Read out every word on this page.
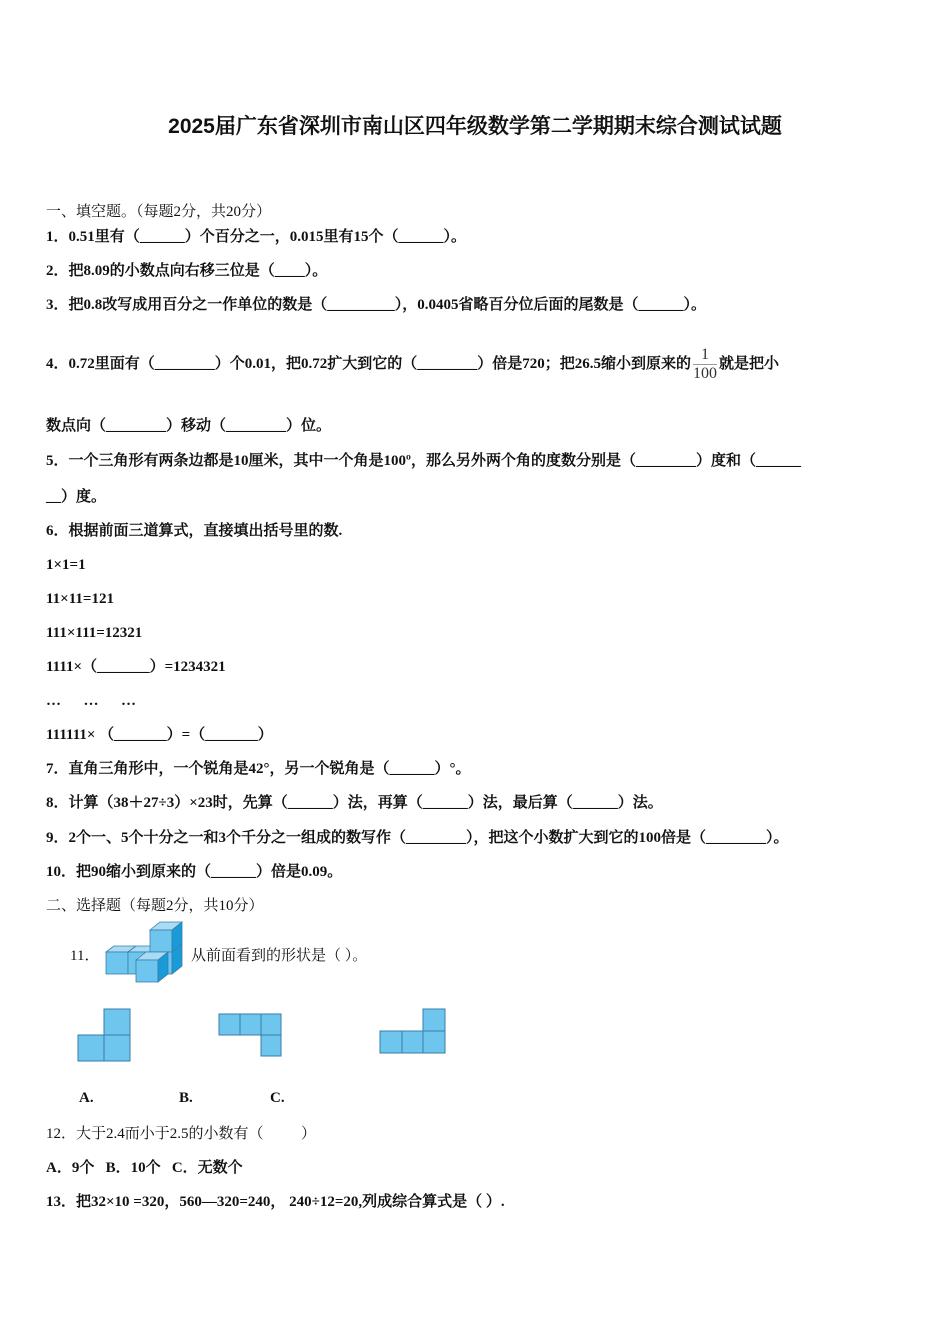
2025届广东省深圳市南山区四年级数学第二学期期末综合测试试题
一、填空题。（每题2分，共20分）
1．0.51里有（______）个百分之一，0.015里有15个（______）。
2．把8.09的小数点向右移三位是（____）。
3．把0.8改写成用百分之一作单位的数是（_________），0.0405省略百分位后面的尾数是（______）。
4．0.72里面有（________）个0.01，把0.72扩大到它的（________）倍是720；把26.5缩小到原来的 $\frac{1}{100}$ 就是把小
数点向（________）移动（________）位。
5．一个三角形有两条边都是10厘米，其中一个角是100º，那么另外两个角的度数分别是（________）度和（______
__）度。
6．根据前面三道算式，直接填出括号里的数.
1×1=1
11×11=121
111×111=12321
1111×（_______）=1234321
…      …      …
111111× （_______）=（_______）
7．直角三角形中，一个锐角是42°，另一个锐角是（______）°。
8．计算（38＋27÷3）×23时，先算（______）法，再算（______）法，最后算（______）法。
9．2个一、5个十分之一和3个千分之一组成的数写作（________），把这个小数扩大到它的100倍是（________）。
10．把90缩小到原来的（______）倍是0.09。
二、选择题（每题2分，共10分）
11．	从前面看到的形状是（ ）。
A.	B.	C.
12．大于2.4而小于2.5的小数有（          ）
A．9个   B．10个   C．无数个
13．把32×10 =320，560—320=240， 240÷12=20,列成综合算式是（ ）.
